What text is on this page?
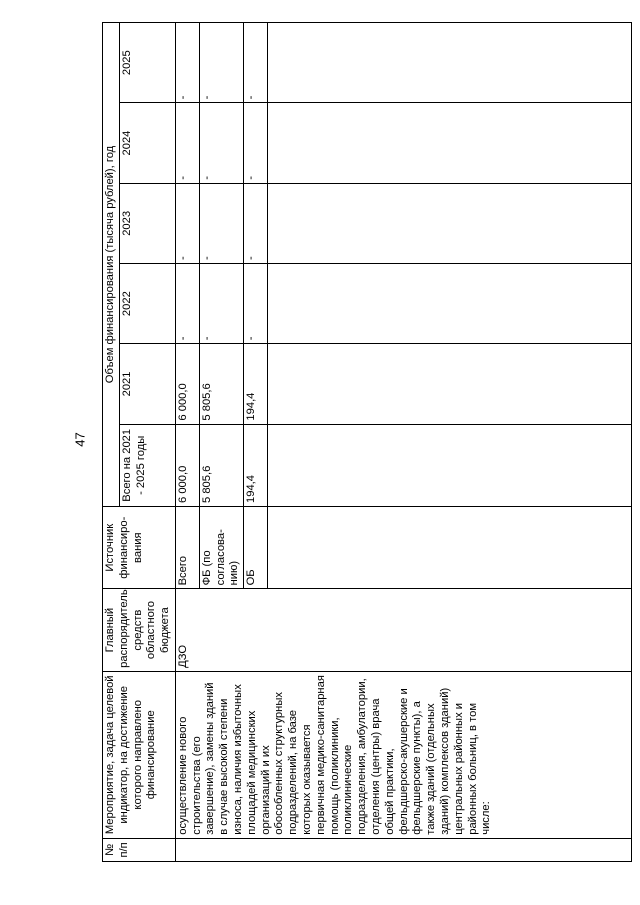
47
№ п/п	Мероприятие, задача целевой индикатор, на достижение которого направлено финансирование	Главный распорядитель средств областного бюджета	Источник финансиро-вания	Объем финансирования (тысяча рублей), год					
				Всего на 2021 - 2025 годы	2021	2022	2023	2024	2025
	осуществление нового строительства (его завершение), замены зданий в случае высокой степени износа, наличия избыточных площадей медицинских организаций и их обособленных структурных подразделений, на базе которых оказывается первичная медико-санитарная помощь (поликлиники, поликлинические подразделения, амбулатории, отделения (центры) врача общей практики, фельдшерско-акушерские и фельдшерские пункты), а также зданий (отдельных зданий) комплексов зданий) центральных районных и районных больниц, в том числе:	ДЗО	Всего	6 000,0	6 000,0	-	-	-	-
			ФБ (по согласова-нию)	5 805,6	5 805,6	-	-	-	-
			ОБ	194,4	194,4	-	-	-	-
